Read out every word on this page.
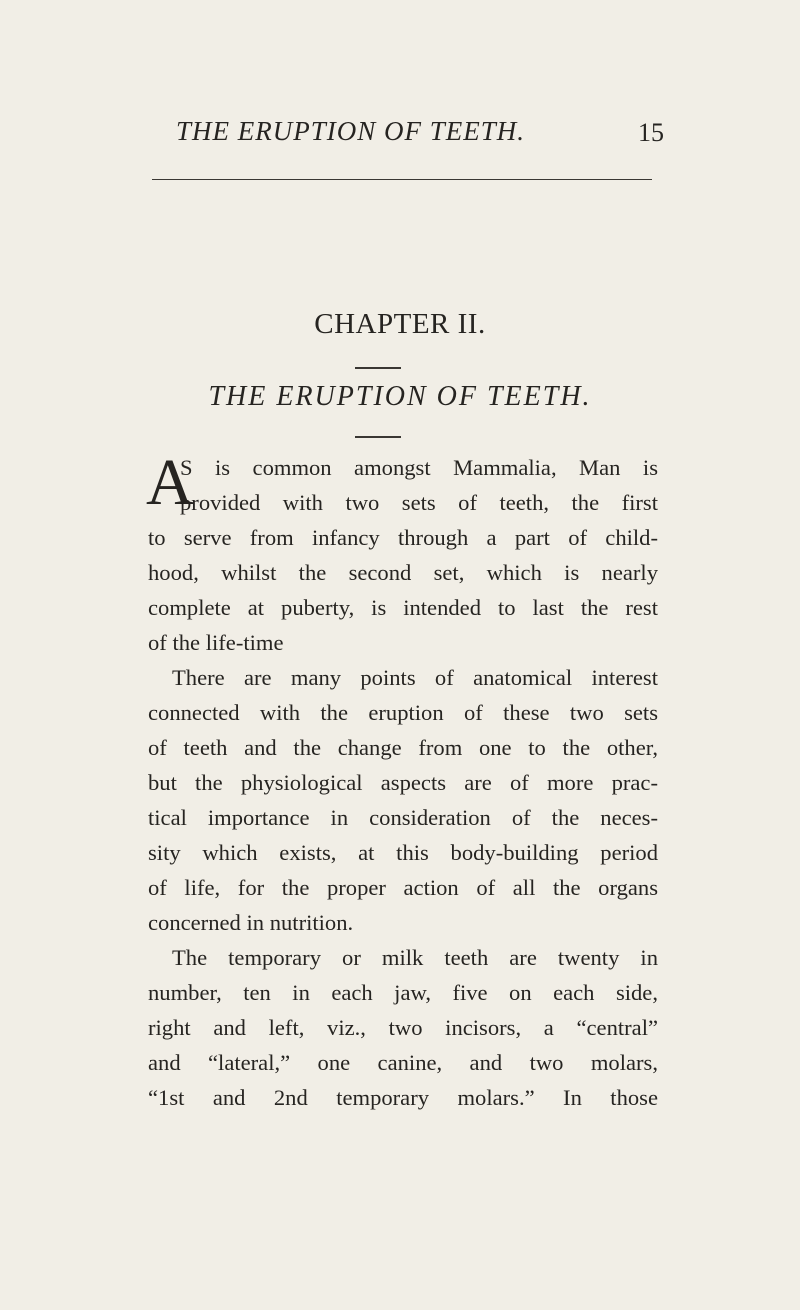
THE ERUPTION OF TEETH.	15
CHAPTER II.
THE ERUPTION OF TEETH.
A
S is common amongst Mammalia, Man is
provided with two sets of teeth, the first
to serve from infancy through a part of child-
hood, whilst the second set, which is nearly
complete at puberty, is intended to last the rest
of the life-time
There are many points of anatomical interest
connected with the eruption of these two sets
of teeth and the change from one to the other,
but the physiological aspects are of more prac-
tical importance in consideration of the neces-
sity which exists, at this body-building period
of life, for the proper action of all the organs
concerned in nutrition.
The temporary or milk teeth are twenty in
number, ten in each jaw, five on each side,
right and left, viz., two incisors, a “central”
and “lateral,” one canine, and two molars,
“1st and 2nd temporary molars.” In those
